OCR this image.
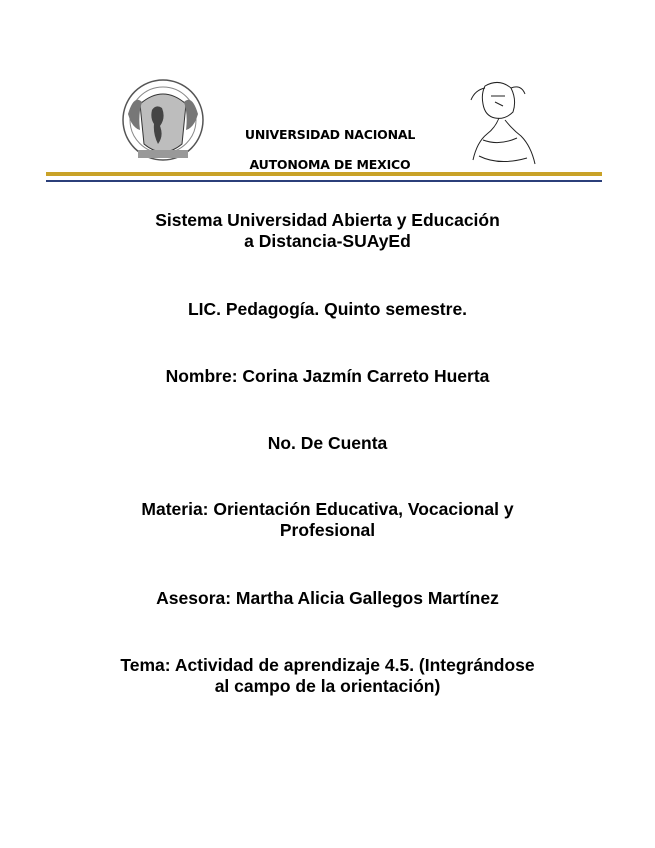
UNIVERSIDAD NACIONAL
AUTONOMA DE MEXICO
Sistema Universidad Abierta y Educación
a Distancia-SUAyEd
LIC. Pedagogía. Quinto semestre.
Nombre: Corina Jazmín Carreto Huerta
No. De Cuenta
Materia: Orientación Educativa, Vocacional y
Profesional
Asesora: Martha Alicia Gallegos Martínez
Tema: Actividad de aprendizaje 4.5. (Integrándose
al campo de la orientación)
